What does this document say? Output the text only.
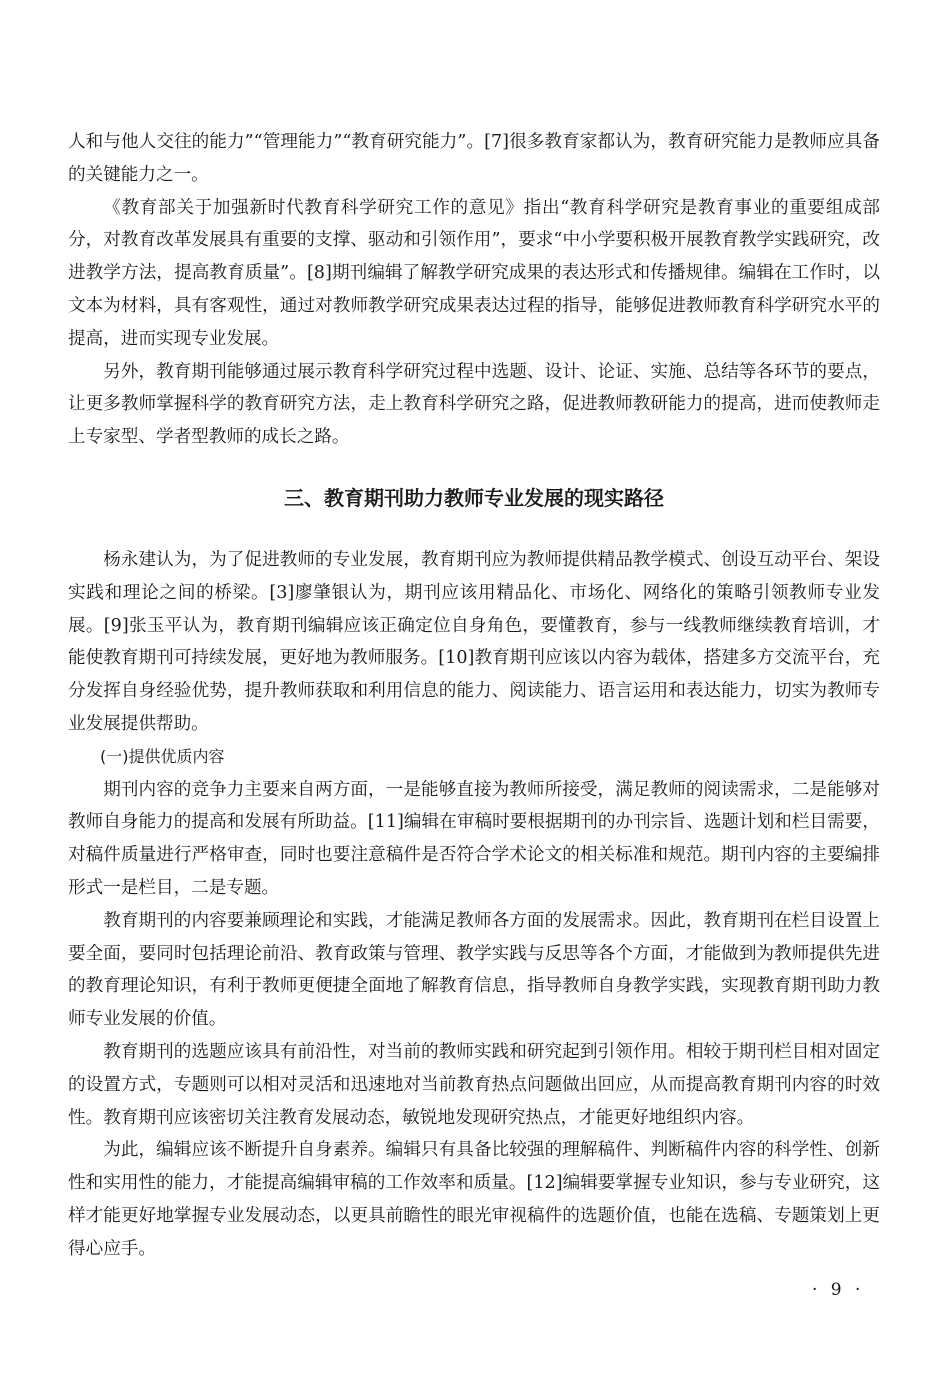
人和与他人交往的能力”“管理能力”“教育研究能力”。[7]很多教育家都认为，教育研究能力是教师应具备的关键能力之一。

《教育部关于加强新时代教育科学研究工作的意见》指出“教育科学研究是教育事业的重要组成部分，对教育改革发展具有重要的支撑、驱动和引领作用”，要求“中小学要积极开展教育教学实践研究，改进教学方法，提高教育质量”。[8]期刊编辑了解教学研究成果的表达形式和传播规律。编辑在工作时，以文本为材料，具有客观性，通过对教师教学研究成果表达过程的指导，能够促进教师教育科学研究水平的提高，进而实现专业发展。

另外，教育期刊能够通过展示教育科学研究过程中选题、设计、论证、实施、总结等各环节的要点，让更多教师掌握科学的教育研究方法，走上教育科学研究之路，促进教师教研能力的提高，进而使教师走上专家型、学者型教师的成长之路。

三、教育期刊助力教师专业发展的现实路径

杨永建认为，为了促进教师的专业发展，教育期刊应为教师提供精品教学模式、创设互动平台、架设实践和理论之间的桥梁。[3]廖肇银认为，期刊应该用精品化、市场化、网络化的策略引领教师专业发展。[9]张玉平认为，教育期刊编辑应该正确定位自身角色，要懂教育，参与一线教师继续教育培训，才能使教育期刊可持续发展，更好地为教师服务。[10]教育期刊应该以内容为载体，搭建多方交流平台，充分发挥自身经验优势，提升教师获取和利用信息的能力、阅读能力、语言运用和表达能力，切实为教师专业发展提供帮助。

(一)提供优质内容

期刊内容的竞争力主要来自两方面，一是能够直接为教师所接受，满足教师的阅读需求，二是能够对教师自身能力的提高和发展有所助益。[11]编辑在审稿时要根据期刊的办刊宗旨、选题计划和栏目需要，对稿件质量进行严格审查，同时也要注意稿件是否符合学术论文的相关标准和规范。期刊内容的主要编排形式一是栏目，二是专题。

教育期刊的内容要兼顾理论和实践，才能满足教师各方面的发展需求。因此，教育期刊在栏目设置上要全面，要同时包括理论前沿、教育政策与管理、教学实践与反思等各个方面，才能做到为教师提供先进的教育理论知识，有利于教师更便捷全面地了解教育信息，指导教师自身教学实践，实现教育期刊助力教师专业发展的价值。

教育期刊的选题应该具有前沿性，对当前的教师实践和研究起到引领作用。相较于期刊栏目相对固定的设置方式，专题则可以相对灵活和迅速地对当前教育热点问题做出回应，从而提高教育期刊内容的时效性。教育期刊应该密切关注教育发展动态，敏锐地发现研究热点，才能更好地组织内容。

为此，编辑应该不断提升自身素养。编辑只有具备比较强的理解稿件、判断稿件内容的科学性、创新性和实用性的能力，才能提高编辑审稿的工作效率和质量。[12]编辑要掌握专业知识，参与专业研究，这样才能更好地掌握专业发展动态，以更具前瞻性的眼光审视稿件的选题价值，也能在选稿、专题策划上更得心应手。

· 9 ·
